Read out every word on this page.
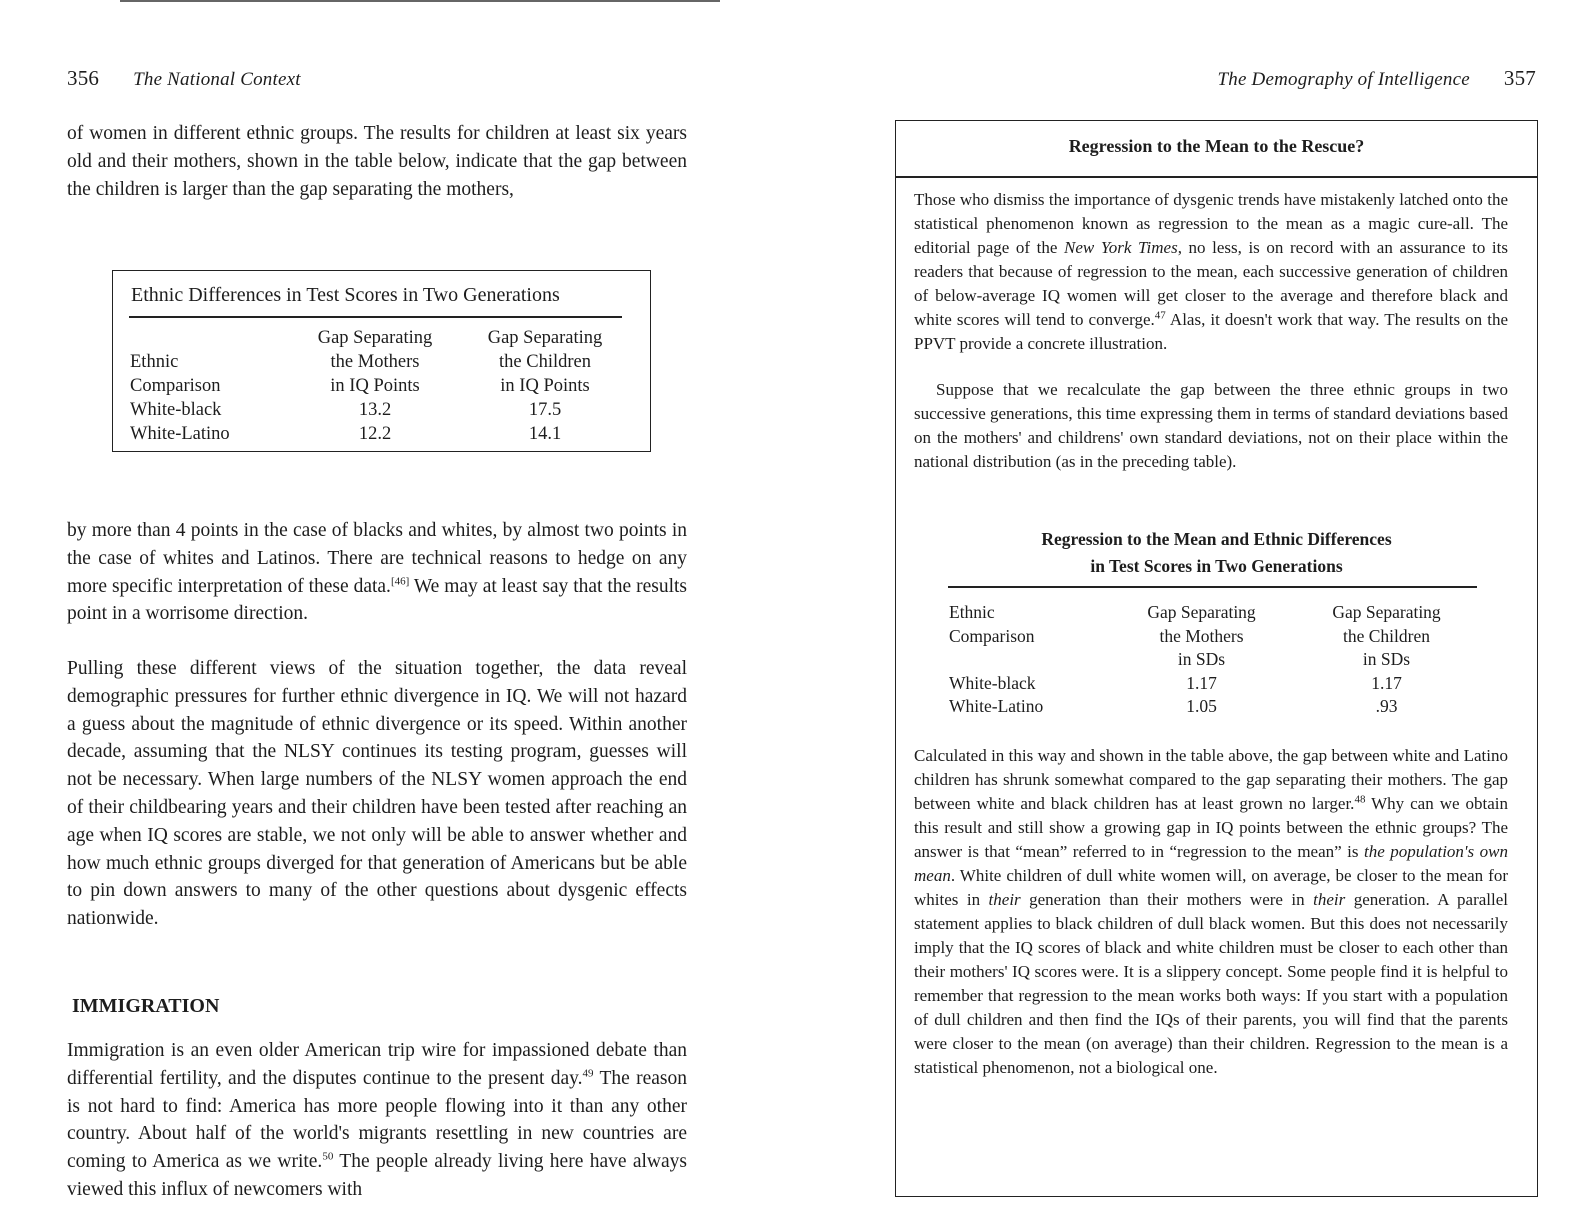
356 The National Context	The Demography of Intelligence 357

of women in different ethnic groups. The results for children at least six years old and their mothers, shown in the table below, indicate that the gap between the children is larger than the gap separating the mothers,

Ethnic Differences in Test Scores in Two Generations
	Gap Separating	Gap Separating
Ethnic	the Mothers	the Children
Comparison	in IQ Points	in IQ Points
White-black	13.2	17.5
White-Latino	12.2	14.1

by more than 4 points in the case of blacks and whites, by almost two points in the case of whites and Latinos. There are technical reasons to hedge on any more specific interpretation of these data.[46] We may at least say that the results point in a worrisome direction.

Pulling these different views of the situation together, the data reveal demographic pressures for further ethnic divergence in IQ. We will not hazard a guess about the magnitude of ethnic divergence or its speed. Within another decade, assuming that the NLSY continues its testing program, guesses will not be necessary. When large numbers of the NLSY women approach the end of their childbearing years and their children have been tested after reaching an age when IQ scores are stable, we not only will be able to answer whether and how much ethnic groups diverged for that generation of Americans but be able to pin down answers to many of the other questions about dysgenic effects nationwide.

IMMIGRATION

Immigration is an even older American trip wire for impassioned debate than differential fertility, and the disputes continue to the present day.$^{49}$ The reason is not hard to find: America has more people flowing into it than any other country. About half of the world's migrants resettling in new countries are coming to America as we write.$^{50}$ The people already living here have always viewed this influx of newcomers with

Regression to the Mean to the Rescue?

Those who dismiss the importance of dysgenic trends have mistakenly latched onto the statistical phenomenon known as regression to the mean as a magic cure-all. The editorial page of the New York Times, no less, is on record with an assurance to its readers that because of regression to the mean, each successive generation of children of below-average IQ women will get closer to the average and therefore black and white scores will tend to converge.$^{47}$ Alas, it doesn't work that way. The results on the PPVT provide a concrete illustration.

Suppose that we recalculate the gap between the three ethnic groups in two successive generations, this time expressing them in terms of standard deviations based on the mothers' and childrens' own standard deviations, not on their place within the national distribution (as in the preceding table).

Regression to the Mean and Ethnic Differences
in Test Scores in Two Generations
Ethnic	Gap Separating	Gap Separating
Comparison	the Mothers	the Children
	in SDs	in SDs
White-black	1.17	1.17
White-Latino	1.05	.93

Calculated in this way and shown in the table above, the gap between white and Latino children has shrunk somewhat compared to the gap separating their mothers. The gap between white and black children has at least grown no larger.$^{48}$ Why can we obtain this result and still show a growing gap in IQ points between the ethnic groups? The answer is that “mean” referred to in “regression to the mean” is the population's own mean. White children of dull white women will, on average, be closer to the mean for whites in their generation than their mothers were in their generation. A parallel statement applies to black children of dull black women. But this does not necessarily imply that the IQ scores of black and white children must be closer to each other than their mothers' IQ scores were. It is a slippery concept. Some people find it is helpful to remember that regression to the mean works both ways: If you start with a population of dull children and then find the IQs of their parents, you will find that the parents were closer to the mean (on average) than their children. Regression to the mean is a statistical phenomenon, not a biological one.
